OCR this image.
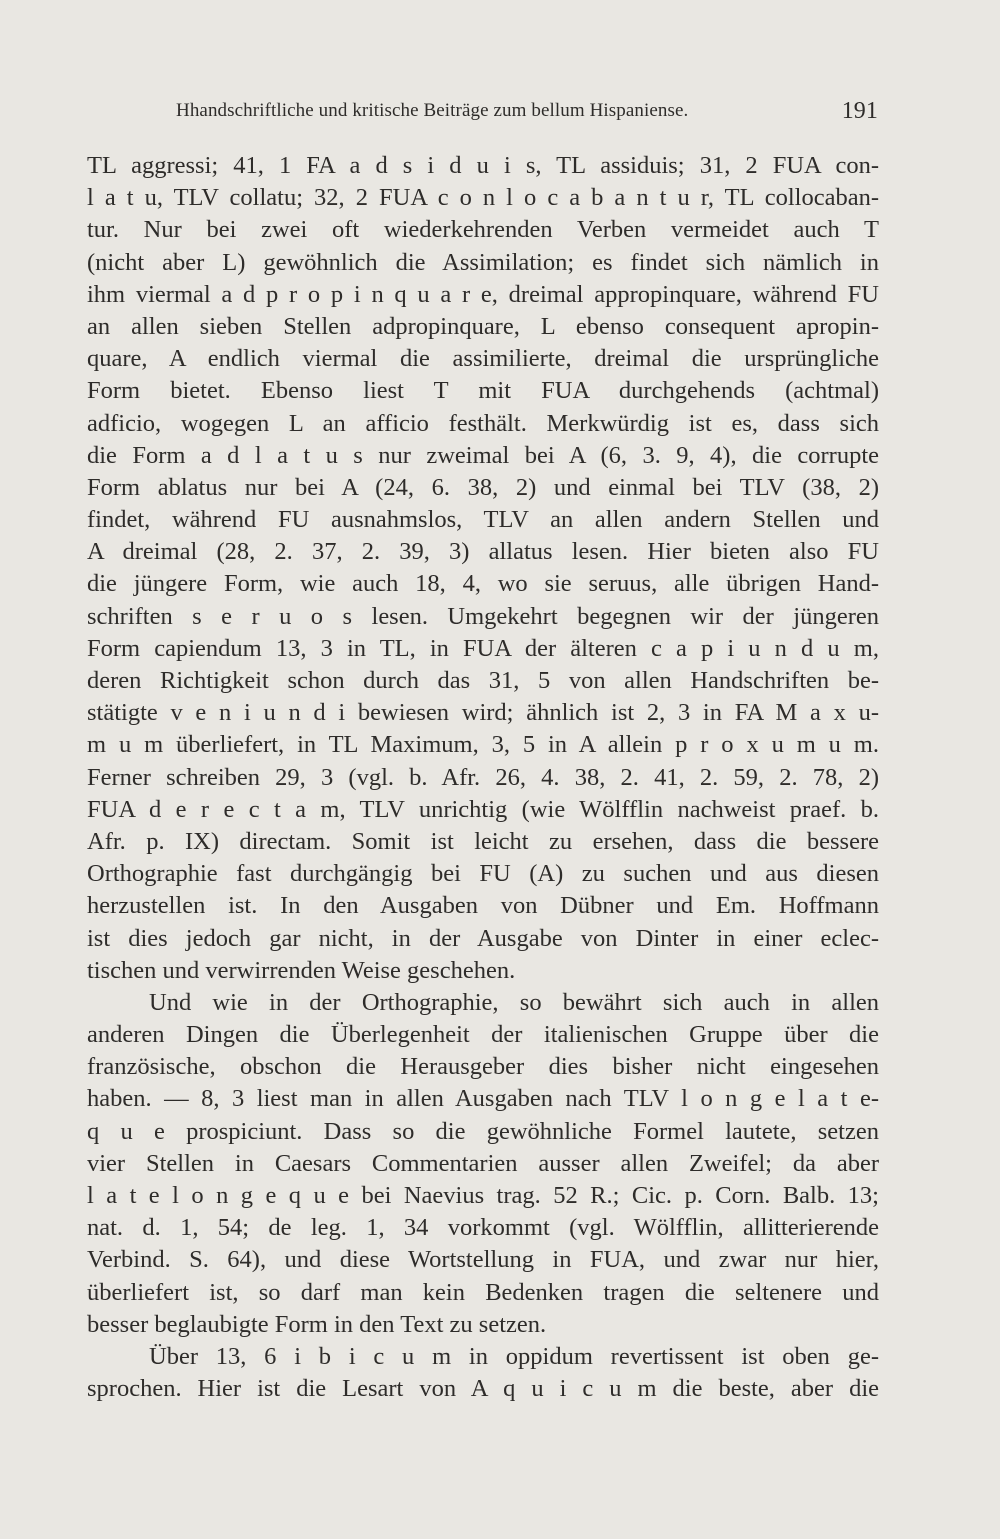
Hhandschriftliche und kritische Beiträge zum bellum Hispaniense.	191
TL aggressi; 41, 1 FA a d s i d u i s, TL assiduis; 31, 2 FUA con-
l a t u, TLV collatu; 32, 2 FUA c o n l o c a b a n t u r, TL collocaban-
tur. Nur bei zwei oft wiederkehrenden Verben vermeidet auch T
(nicht aber L) gewöhnlich die Assimilation; es findet sich nämlich in
ihm viermal a d p r o p i n q u a r e, dreimal appropinquare, während FU
an allen sieben Stellen adpropinquare, L ebenso consequent apropin-
quare, A endlich viermal die assimilierte, dreimal die ursprüngliche
Form bietet. Ebenso liest T mit FUA durchgehends (achtmal)
adficio, wogegen L an afficio festhält. Merkwürdig ist es, dass sich
die Form a d l a t u s nur zweimal bei A (6, 3. 9, 4), die corrupte
Form ablatus nur bei A (24, 6. 38, 2) und einmal bei TLV (38, 2)
findet, während FU ausnahmslos, TLV an allen andern Stellen und
A dreimal (28, 2. 37, 2. 39, 3) allatus lesen. Hier bieten also FU
die jüngere Form, wie auch 18, 4, wo sie seruus, alle übrigen Hand-
schriften s e r u o s lesen. Umgekehrt begegnen wir der jüngeren
Form capiendum 13, 3 in TL, in FUA der älteren c a p i u n d u m,
deren Richtigkeit schon durch das 31, 5 von allen Handschriften be-
stätigte v e n i u n d i bewiesen wird; ähnlich ist 2, 3 in FA M a x u-
m u m überliefert, in TL Maximum, 3, 5 in A allein p r o x u m u m.
Ferner schreiben 29, 3 (vgl. b. Afr. 26, 4. 38, 2. 41, 2. 59, 2. 78, 2)
FUA d e r e c t a m, TLV unrichtig (wie Wölfflin nachweist praef. b.
Afr. p. IX) directam. Somit ist leicht zu ersehen, dass die bessere
Orthographie fast durchgängig bei FU (A) zu suchen und aus diesen
herzustellen ist. In den Ausgaben von Dübner und Em. Hoffmann
ist dies jedoch gar nicht, in der Ausgabe von Dinter in einer eclec-
tischen und verwirrenden Weise geschehen.
Und wie in der Orthographie, so bewährt sich auch in allen
anderen Dingen die Überlegenheit der italienischen Gruppe über die
französische, obschon die Herausgeber dies bisher nicht eingesehen
haben. — 8, 3 liest man in allen Ausgaben nach TLV l o n g e l a t e-
q u e prospiciunt. Dass so die gewöhnliche Formel lautete, setzen
vier Stellen in Caesars Commentarien ausser allen Zweifel; da aber
l a t e l o n g e q u e bei Naevius trag. 52 R.; Cic. p. Corn. Balb. 13;
nat. d. 1, 54; de leg. 1, 34 vorkommt (vgl. Wölfflin, allitterierende
Verbind. S. 64), und diese Wortstellung in FUA, und zwar nur hier,
überliefert ist, so darf man kein Bedenken tragen die seltenere und
besser beglaubigte Form in den Text zu setzen.
Über 13, 6 i b i c u m in oppidum revertissent ist oben ge-
sprochen. Hier ist die Lesart von A q u i c u m die beste, aber die
